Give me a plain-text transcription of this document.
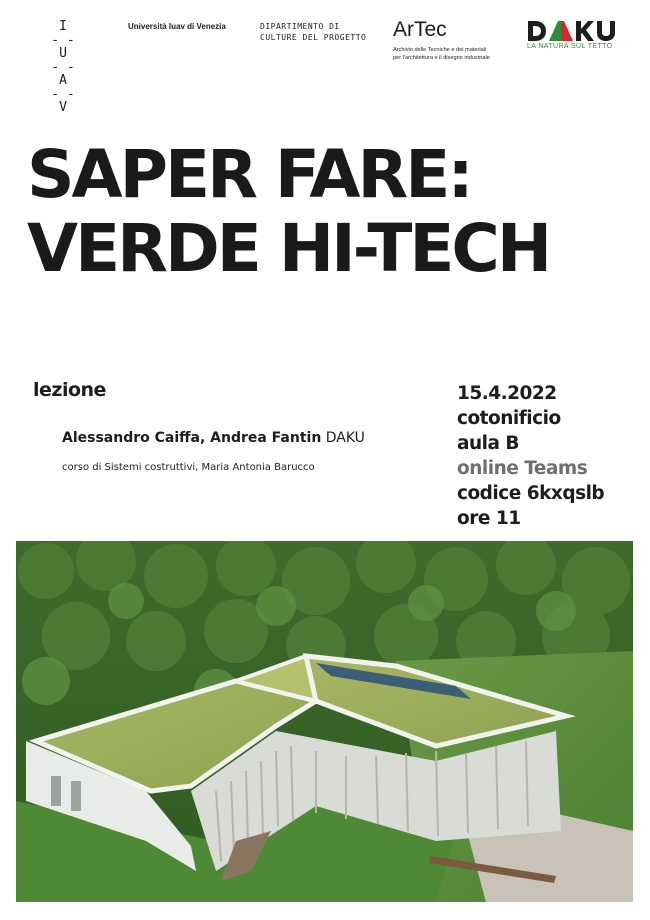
I
- -
U
- -
A
- -
V
Università Iuav di Venezia	DIPARTIMENTO DI
CULTURE DEL PROGETTO ArTec
Archivio delle Tecniche e dei materiali
per l'architettura e il disegno industriale
LA NATURA SUL TETTO
SAPER FARE:
VERDE HI-TECH
lezione
Alessandro Caiffa, Andrea Fantin DAKU
corso di Sistemi costruttivi, Maria Antonia Barucco
15.4.2022
cotonificio
aula B
online Teams
codice 6kxqslb
ore 11
